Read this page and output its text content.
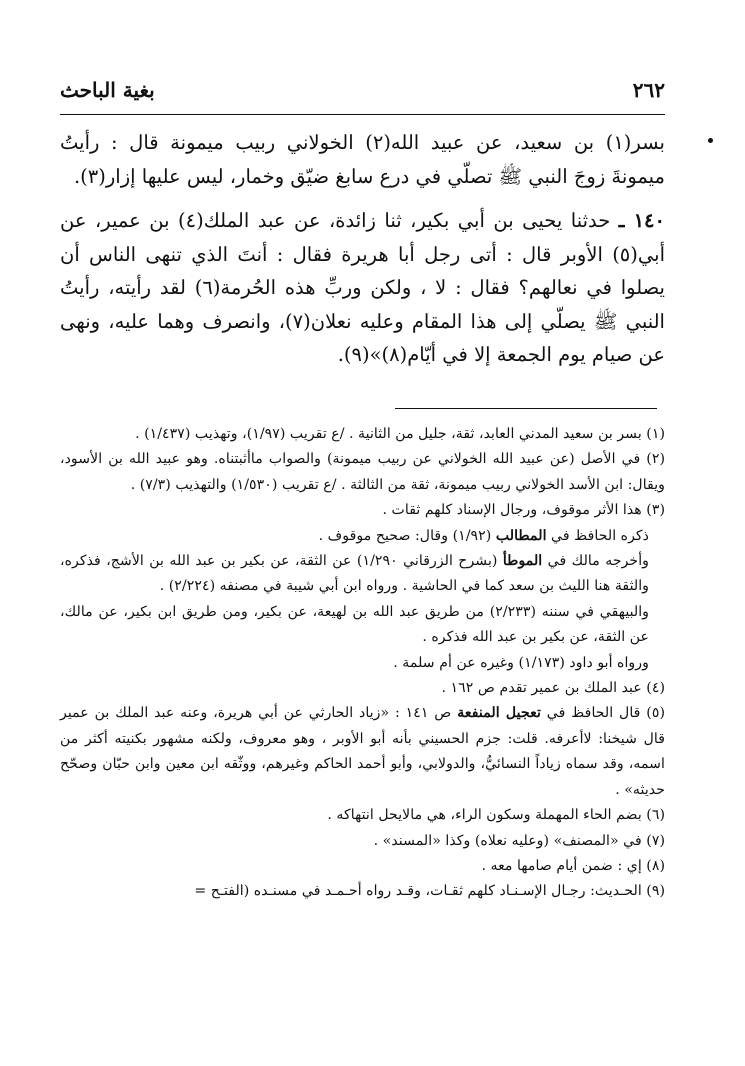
٢٦٢
بغية الباحث

بسر(١) بن سعيد، عن عبيد الله(٢) الخولاني ربيب ميمونة قال : رأيتُ ميمونةَ زوجَ النبي ﷺ تصلّي في درع سابغ ضيّق وخمار، ليس عليها إزار(٣).

١٤٠ ـ حدثنا يحيى بن أبي بكير، ثنا زائدة، عن عبد الملك(٤) بن عمير، عن أبي(٥) الأوبر قال : أتى رجل أبا هريرة فقال : أنتَ الذي تنهى الناس أن يصلوا في نعالهم؟ فقال : لا ، ولكن وربِّ هذه الحُرمة(٦) لقد رأيته، رأيتُ النبي ﷺ يصلّي إلى هذا المقام وعليه نعلان(٧)، وانصرف وهما عليه، ونهى عن صيام يوم الجمعة إلا في أيّام(٨)»(٩).

(١) بسر بن سعيد المدني العابد، ثقة، جليل من الثانية . /ع تقريب (١/٩٧)، وتهذيب (١/٤٣٧) .

(٢) في الأصل (عن عبيد الله الخولاني عن ربيب ميمونة) والصواب ماأثبتناه. وهو عبيد الله بن الأسود، ويقال: ابن الأسد الخولاني ربيب ميمونة، ثقة من الثالثة . /ع تقريب (١/٥٣٠) والتهذيب (٧/٣) .

(٣) هذا الأثر موقوف، ورجال الإسناد كلهم ثقات .

ذكره الحافظ في المطالب (١/٩٢) وقال: صحيح موقوف .

وأخرجه مالك في الموطأ (بشرح الزرقاني ١/٢٩٠) عن الثقة، عن بكير بن عبد الله بن الأشج، فذكره، والثقة هنا الليث بن سعد كما في الحاشية . ورواه ابن أبي شيبة في مصنفه (٢/٢٢٤) .

والبيهقي في سننه (٢/٢٣٣) من طريق عبد الله بن لهيعة، عن بكير، ومن طريق ابن بكير، عن مالك، عن الثقة، عن بكير بن عبد الله فذكره .

ورواه أبو داود (١/١٧٣) وغيره عن أم سلمة .

(٤) عبد الملك بن عمير تقدم ص ١٦٢ .

(٥) قال الحافظ في تعجيل المنفعة ص ١٤١ : «زياد الحارثي عن أبي هريرة، وعنه عبد الملك بن عمير قال شيخنا: لاأعرفه. قلت: جزم الحسيني بأنه أبو الأوبر ، وهو معروف، ولكنه مشهور بكنيته أكثر من اسمه، وقد سماه زياداً النسائيُّ، والدولابي، وأبو أحمد الحاكم وغيرهم، ووثّقه ابن معين وابن حبّان وصحّح حديثه» .

(٦) بضم الحاء المهملة وسكون الراء، هي مالايحل انتهاكه .

(٧) في «المصنف» (وعليه نعلاه) وكذا «المسند» .

(٨) إي : ضمن أيام صامها معه .

(٩) الحـديث: رجـال الإسـنـاد كلهم ثقـات، وقـد رواه أحـمـد في مسنـده (الفتـح =
